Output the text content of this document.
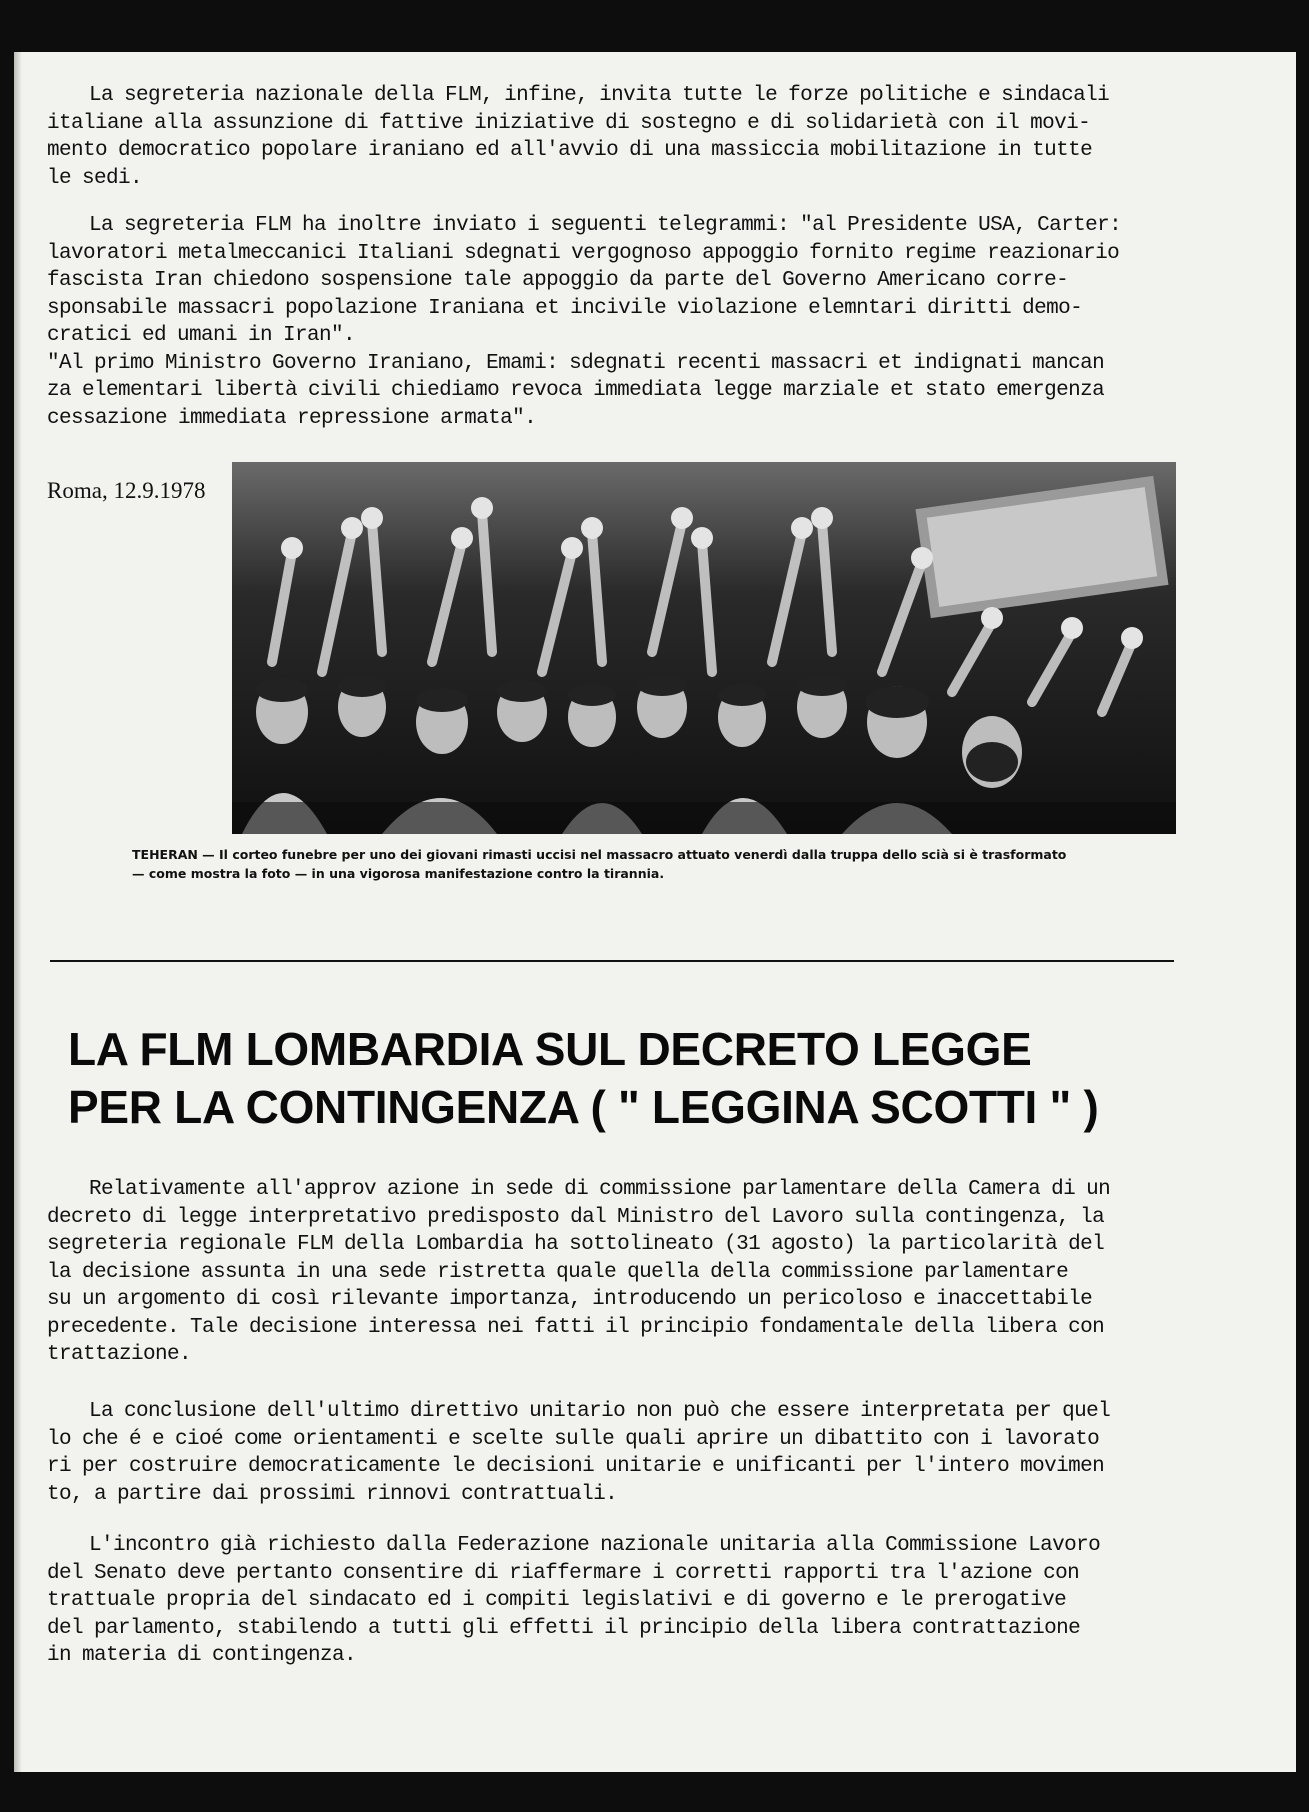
La segreteria nazionale della FLM, infine, invita tutte le forze politiche e sindacali
italiane alla assunzione di fattive iniziative di sostegno e di solidarietà con il movi-
mento democratico popolare iraniano ed all'avvio di una massiccia mobilitazione in tutte
le sedi.
La segreteria FLM ha inoltre inviato i seguenti telegrammi: "al Presidente USA, Carter:
lavoratori metalmeccanici Italiani sdegnati vergognoso appoggio fornito regime reazionario
fascista Iran chiedono sospensione tale appoggio da parte del Governo Americano corre-
sponsabile massacri popolazione Iraniana et incivile violazione elemntari diritti demo-
cratici ed umani in Iran".
"Al primo Ministro Governo Iraniano, Emami: sdegnati recenti massacri et indignati mancan
za elementari libertà civili chiediamo revoca immediata legge marziale et stato emergenza
cessazione immediata repressione armata".
Roma, 12.9.1978
TEHERAN — Il corteo funebre per uno dei giovani rimasti uccisi nel massacro attuato venerdì dalla truppa dello scià si è trasformato
— come mostra la foto — in una vigorosa manifestazione contro la tirannia.
LA FLM LOMBARDIA SUL DECRETO LEGGE
PER LA CONTINGENZA ( " LEGGINA SCOTTI " )
Relativamente all'approv azione in sede di commissione parlamentare della Camera di un
decreto di legge interpretativo predisposto dal Ministro del Lavoro sulla contingenza, la
segreteria regionale FLM della Lombardia ha sottolineato (31 agosto) la particolarità del
la decisione assunta in una sede ristretta quale quella della commissione parlamentare
su un argomento di così rilevante importanza, introducendo un pericoloso e inaccettabile
precedente. Tale decisione interessa nei fatti il principio fondamentale della libera con
trattazione.
La conclusione dell'ultimo direttivo unitario non può che essere interpretata per quel
lo che é e cioé come orientamenti e scelte sulle quali aprire un dibattito con i lavorato
ri per costruire democraticamente le decisioni unitarie e unificanti per l'intero movimen
to, a partire dai prossimi rinnovi contrattuali.
L'incontro già richiesto dalla Federazione nazionale unitaria alla Commissione Lavoro
del Senato deve pertanto consentire di riaffermare i corretti rapporti tra l'azione con
trattuale propria del sindacato ed i compiti legislativi e di governo e le prerogative
del parlamento, stabilendo a tutti gli effetti il principio della libera contrattazione
in materia di contingenza.
